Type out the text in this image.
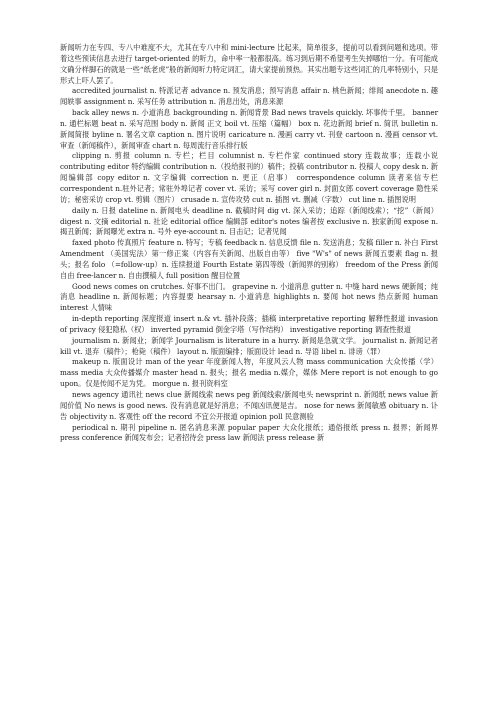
新闻听力在专四、专八中难度不大，尤其在专八中和 mini-lecture 比起来，简单很多，提前可以看到问题和选项。带着这些预读信息去进行 target-oriented 的听力，命中率一般都很高。练习到后期不希望考生失掉哪怕一分。有可能成文确分样脚石的就是一些“纸老虎”般的新闻听力特定词汇，请大家提前预热。其实出题专这些词汇的几率特别小，只是形式上吓人罢了。

accredited journalist n. 特派记者 advance n. 预发消息；预写消息 affair n. 桃色新闻；绯闻 anecdote n. 趣闻轶事 assignment n. 采写任务 attribution n. 消息出处，消息来源

back alley news n. 小道消息 backgrounding n. 新闻背景 Bad news travels quickly. 坏事传千里。 banner n. 通栏标题 beat n. 采写范围 body n. 新闻 正文 boil vt. 压缩（篇幅） box n. 花边新闻 brief n. 简讯 bulletin n. 新闻简报 byline n. 署名文章 caption n. 图片说明 caricature n. 漫画 carry vt. 刊登 cartoon n. 漫画 censor vt. 审查（新闻稿件），新闻审查 chart n. 每周流行音乐排行版

clipping n. 剪报 column n. 专栏；栏目 columnist n. 专栏作家 continued story 连载故事；连载小说 contributing editor 特约编辑 contribution n.（投给报刊的）稿件；投稿 contributor n. 投稿人 copy desk n. 新闻编辑部 copy editor n. 文字编辑 correction n. 更正（启事） correspondence column 读者来信专栏 correspondent n.驻外记者；常驻外埠记者 cover vt. 采访；采写 cover girl n. 封面女郎 covert coverage 隐性采访；秘密采访 crop vt. 剪辑（图片） crusade n. 宣传攻势 cut n. 插图 vt. 删减（字数） cut line n. 插图说明

daily n. 日报 dateline n. 新闻电头 deadline n. 截稿时间 dig vt. 深入采访；追踪（新闻线索）；“挖”（新闻） digest n. 文摘 editorial n. 社论 editorial office 编辑部 editor's notes 编者按 exclusive n. 独家新闻 expose n. 揭丑新闻；新闻曝光 extra n. 号外 eye-account n. 目击记；记者见闻

faxed photo 传真照片 feature n. 特写；专稿 feedback n. 信息反馈 file n. 发送消息；发稿 filler n. 补白 First Amendment （美国宪法）第一修正案（内容有关新闻、出版自由等） five "W's" of news 新闻五要素 flag n. 报头；报名 folo （=follow-up）n. 连续报道 Fourth Estate 第四等级（新闻界的别称） freedom of the Press 新闻自由 free-lancer n. 自由撰稿人 full position 醒目位置

Good news comes on crutches. 好事不出门。 grapevine n. 小道消息 gutter n. 中缝 hard news 硬新闻；纯消息 headline n. 新闻标题；内容提要 hearsay n. 小道消息 highlights n. 要闻 hot news 热点新闻 human interest 人情味

in-depth reporting 深度报道 insert n.& vt. 插补段落；插稿 interpretative reporting 解释性报道 invasion of privacy 侵犯隐私（权） inverted pyramid 倒金字塔（写作结构） investigative reporting 调查性报道

journalism n. 新闻业；新闻学 Journalism is literature in a hurry. 新闻是急就文学。 journalist n. 新闻记者 kill vt. 退弃（稿件）；枪毙（稿件） layout n. 版面编排；版面设计 lead n. 导语 libel n. 诽谤（罪）

makeup n. 版面设计 man of the year 年度新闻人物，年度风云人物 mass communication 大众传播（学） mass media 大众传播媒介 master head n. 报头；报名 media n.媒介，媒体 Mere report is not enough to go upon。仅是传闻不足为凭。 morgue n. 报刊资料室

news agency 通讯社 news clue 新闻线索 news peg 新闻线索/新闻电头 newsprint n. 新闻纸 news value 新闻价值 No news is good news. 没有消息就是好消息；不闻凶讯便是吉。 nose for news 新闻敏感 obituary n. 讣告 objectivity n. 客观性 off the record 不宜公开报道 opinion poll 民意测验

periodical n. 期刊 pipeline n. 匿名消息来源 popular paper 大众化报纸；通俗报纸 press n. 报界；新闻界 press conference 新闻发布会；记者招待会 press law 新闻法 press release 新
